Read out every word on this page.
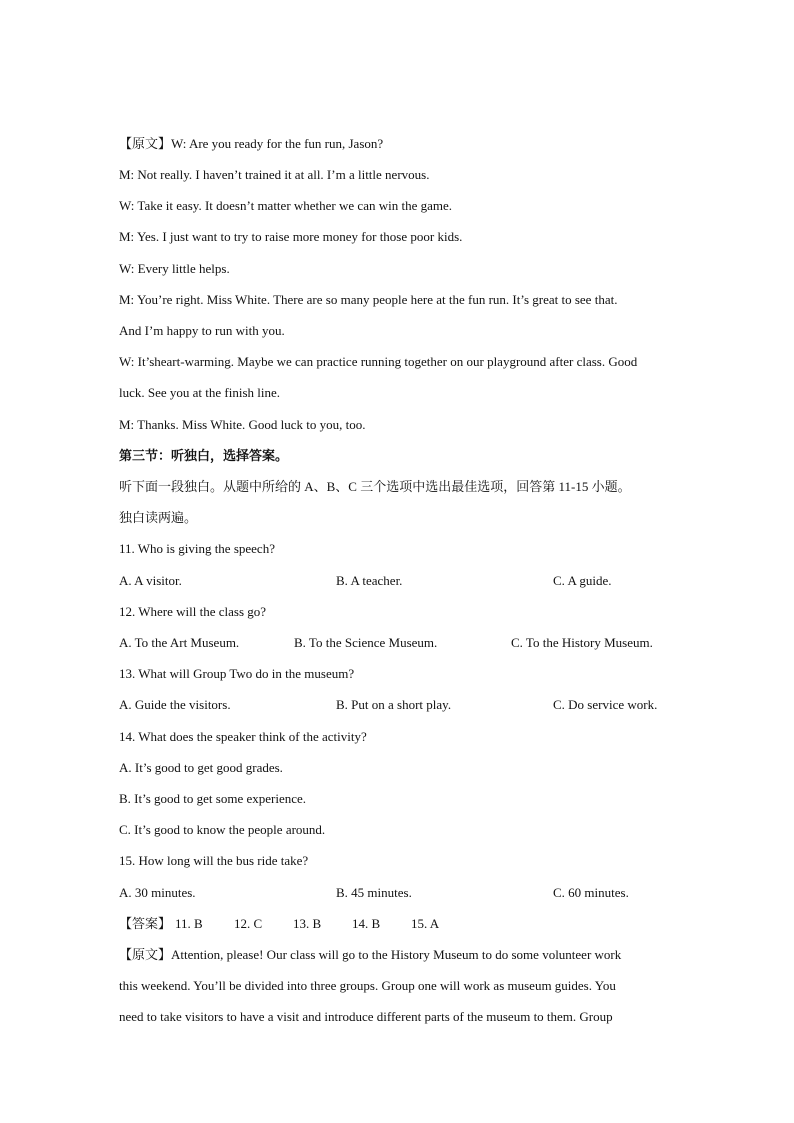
【原文】W: Are you ready for the fun run, Jason?
M: Not really. I haven’t trained it at all. I’m a little nervous.
W: Take it easy. It doesn’t matter whether we can win the game.
M: Yes. I just want to try to raise more money for those poor kids.
W: Every little helps.
M: You’re right. Miss White. There are so many people here at the fun run. It’s great to see that.
And I’m happy to run with you.
W: It’sheart-warming. Maybe we can practice running together on our playground after class. Good
luck. See you at the finish line.
M: Thanks. Miss White. Good luck to you, too.
第三节：听独白，选择答案。
听下面一段独白。从题中所给的 A、B、C 三个选项中选出最佳选项，回答第 11-15 小题。
独白读两遍。
11. Who is giving the speech?
A. A visitor.	B. A teacher.	C. A guide.
12. Where will the class go?
A. To the Art Museum.	B. To the Science Museum.	C. To the History Museum.
13. What will Group Two do in the museum?
A. Guide the visitors.	B. Put on a short play.	C. Do service work.
14. What does the speaker think of the activity?
A. It’s good to get good grades.
B. It’s good to get some experience.
C. It’s good to know the people around.
15. How long will the bus ride take?
A. 30 minutes.	B. 45 minutes.	C. 60 minutes.
【答案】 11. B 12. C 13. B 14. B 15. A
【原文】Attention, please! Our class will go to the History Museum to do some volunteer work
this weekend. You’ll be divided into three groups. Group one will work as museum guides. You
need to take visitors to have a visit and introduce different parts of the museum to them. Group
